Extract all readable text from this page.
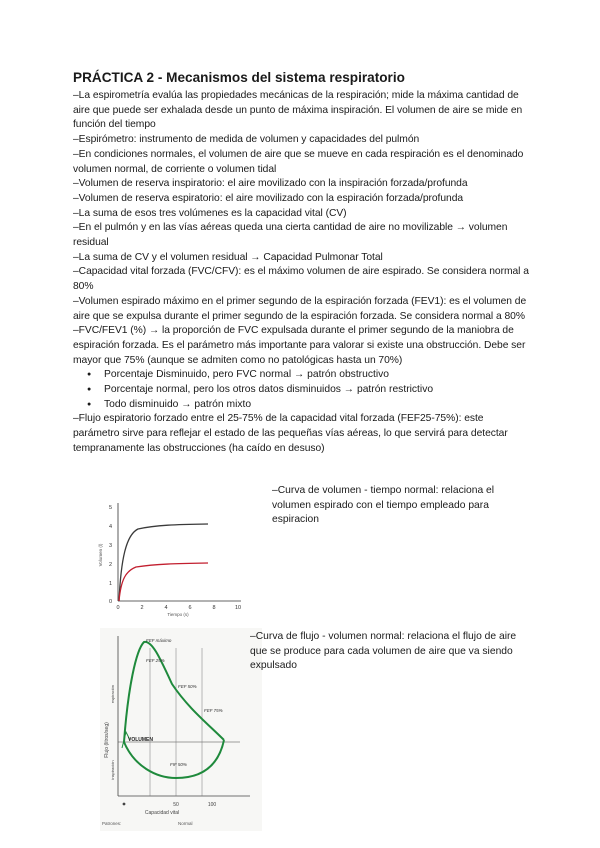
PRÁCTICA 2 - Mecanismos del sistema respiratorio

–La espirometría evalúa las propiedades mecánicas de la respiración; mide la máxima cantidad de aire que puede ser exhalada desde un punto de máxima inspiración. El volumen de aire se mide en función del tiempo

–Espirómetro: instrumento de medida de volumen y capacidades del pulmón

–En condiciones normales, el volumen de aire que se mueve en cada respiración es el denominado volumen normal, de corriente o volumen tidal

–Volumen de reserva inspiratorio: el aire movilizado con la inspiración forzada/profunda

–Volumen de reserva espiratorio: el aire movilizado con la espiración forzada/profunda

–La suma de esos tres volúmenes es la capacidad vital (CV)

–En el pulmón y en las vías aéreas queda una cierta cantidad de aire no movilizable → volumen residual

–La suma de CV y el volumen residual → Capacidad Pulmonar Total

–Capacidad vital forzada (FVC/CFV): es el máximo volumen de aire espirado. Se considera normal a 80%

–Volumen espirado máximo en el primer segundo de la espiración forzada (FEV1): es el volumen de aire que se expulsa durante el primer segundo de la espiración forzada. Se considera normal a 80%

–FVC/FEV1 (%) → la proporción de FVC expulsada durante el primer segundo de la maniobra de espiración forzada. Es el parámetro más importante para valorar si existe una obstrucción. Debe ser mayor que 75% (aunque se admiten como no patológicas hasta un 70%)

● Porcentaje Disminuido, pero FVC normal → patrón obstructivo
● Porcentaje normal, pero los otros datos disminuidos → patrón restrictivo
● Todo disminuido → patrón mixto

–Flujo espiratorio forzado entre el 25-75% de la capacidad vital forzada (FEF25-75%): este parámetro sirve para reflejar el estado de las pequeñas vías aéreas, lo que servirá para detectar tempranamente las obstrucciones (ha caído en desuso)

5
4
3
2
1
0
0	2	4	6	8	10
Tiempo (s)
Volumen (l)
–Curva de volumen - tiempo normal: relaciona el volumen espirado con el tiempo empleado para espiracion
FEF máximo
FEF 25%
FEF 50%
FEF 75%
VOLUMEN
FIF 50%
Flujo (litros/seg)
espiración
inspiración
50	100
Capacidad vital
Patrones:	Normal
–Curva de flujo - volumen normal: relaciona el flujo de aire que se produce para cada volumen de aire que va siendo expulsado
